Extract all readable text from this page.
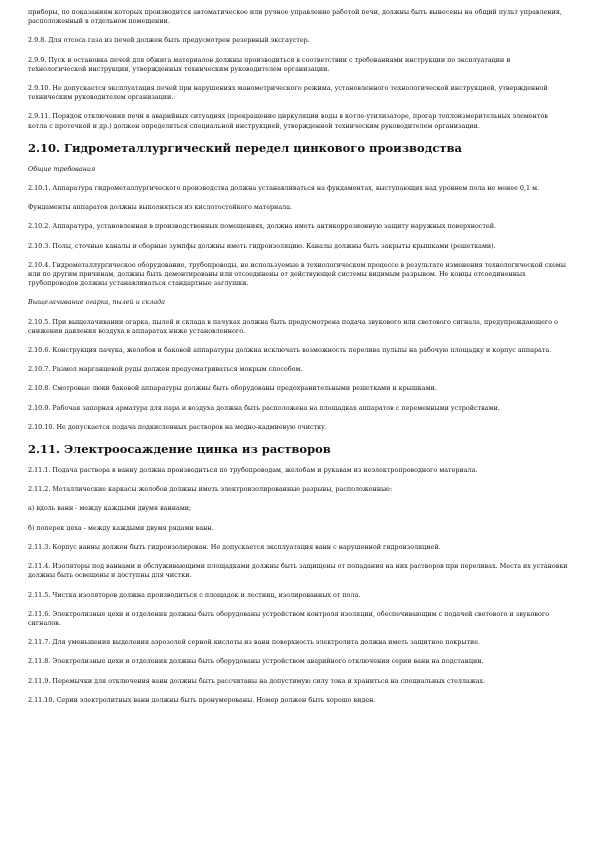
приборы, по показаниям которых производится автоматическое или ручное управление работой печи, должны быть вынесены на общий пульт управления, расположенный в отдельном помещении.

2.9.8. Для отсоса газа из печей должен быть предусмотрен резервный эксгаустер.

2.9.9. Пуск и остановка печей для обжига материалов должны производиться в соответствии с требованиями инструкции по эксплуатации и технологической инструкции, утвержденных техническим руководителем организации.

2.9.10. Не допускается эксплуатация печей при нарушениях манометрического режима, установленного технологической инструкцией, утвержденной техническим руководителем организации.

2.9.11. Порядок отключения печи в аварийных ситуациях (прекращение циркуляции воды в котле-утилизаторе, прогар теплоизмерительных элементов котла с протечкой и др.) должен определяться специальной инструкцией, утвержденной техническим руководителем организации.

2.10. Гидрометаллургический передел цинкового производства

Общие требования

2.10.1. Аппаратура гидрометаллургического производства должна устанавливаться на фундаментах, выступающих над уровнем пола не менее 0,1 м.

Фундаменты аппаратов должны выполняться из кислотостойкого материала.

2.10.2. Аппаратура, установленная в производственных помещениях, должна иметь антикоррозионную защиту наружных поверхностей.

2.10.3. Полы, сточные каналы и сборные зумпфы должны иметь гидроизоляцию. Каналы должны быть закрыты крышками (решетками).

2.10.4. Гидрометаллургическое оборудование, трубопроводы, не используемые в технологическом процессе в результате изменения технологической схемы или по другим причинам, должны быть демонтированы или отсоединены от действующей системы видимым разрывом. Не концы отсоединенных трубопроводов должны устанавливаться стандартные заглушки.

Выщелачивание огарка, пылей и склада

2.10.5. При выщелачивании огарка, пылей и склада в пачуках должна быть предусмотрена подача звукового или светового сигнала, предупреждающего о снижении давления воздуха в аппаратах ниже установленного.

2.10.6. Конструкция пачука, желобов и баковой аппаратуры должна исключать возможность перелива пульпы на рабочую площадку и корпус аппарата.

2.10.7. Размол марганцевой руды должен предусматриваться мокрым способом.

2.10.8. Смотровые люки баковой аппаратуры должны быть оборудованы предохранительными решетками и крышками.

2.10.9. Рабочая запорная арматура для пара и воздуха должна быть расположена на площадках аппаратов с переменными устройствами.

2.10.10. Не допускается подача подкисленных растворов на медно-кадмиевую очистку.

2.11. Электроосаждение цинка из растворов

2.11.1. Подача раствора в ванну должна производиться по трубопроводам, желобам и рукавам из неэлектропроводного материала.

2.11.2. Металлические каркасы желобов должны иметь электроизолированные разрывы, расположенные:

а) вдоль ванн - между каждыми двумя ваннами;

б) поперек цеха - между каждыми двумя рядами ванн.

2.11.3. Корпус ванны должен быть гидроизолирован. Не допускается эксплуатация ванн с нарушенной гидроизоляцией.

2.11.4. Изоляторы под ваннами и обслуживающими площадками должны быть защищены от попадания на них растворов при переливах. Места их установки должны быть освещены и доступны для чистки.

2.11.5. Чистка изоляторов должна производиться с площадок и лестниц, изолированных от пола.

2.11.6. Электролизные цехи и отделения должны быть оборудованы устройством контроля изоляции, обеспечивающим с подачей светового и звукового сигналов.

2.11.7. Для уменьшения выделения аэрозолей серной кислоты из ванн поверхность электролита должна иметь защитное покрытие.

2.11.8. Электролизные цехи и отделения должны быть оборудованы устройством аварийного отключения серии ванн на подстанции.

2.11.9. Перемычки для отключения ванн должны быть рассчитаны на допустимую силу тока и храниться на специальных стеллажах.

2.11.10. Серии электролитных ванн должны быть пронумерованы. Номер должен быть хорошо виден.
